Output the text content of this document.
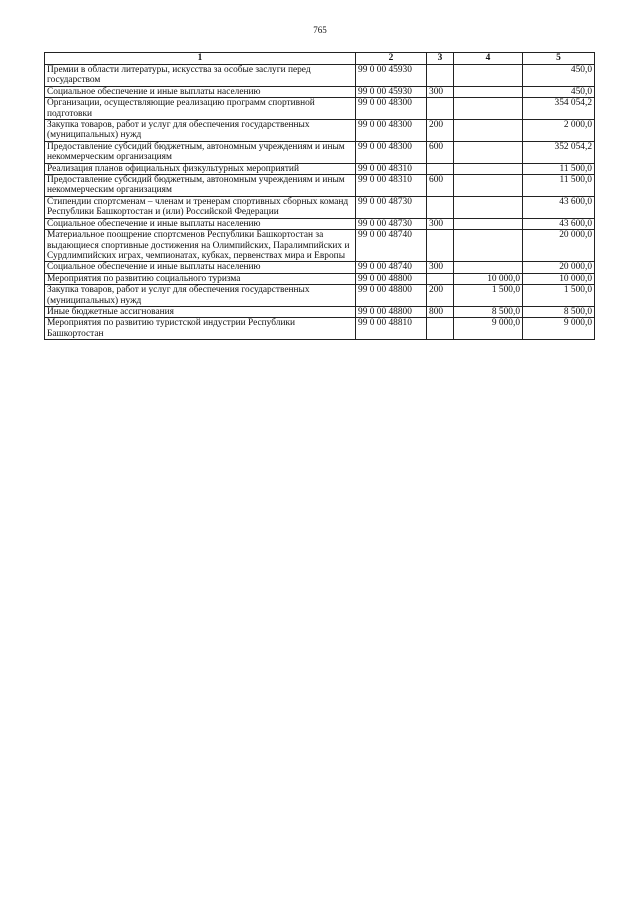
765
1	2	3	4	5
Премии в области литературы, искусства за особые заслуги перед государством	99 0 00 45930			450,0
Социальное обеспечение и иные выплаты населению	99 0 00 45930	300		450,0
Организации, осуществляющие реализацию программ спортивной подготовки	99 0 00 48300			354 054,2
Закупка товаров, работ и услуг для обеспечения государственных (муниципальных) нужд	99 0 00 48300	200		2 000,0
Предоставление субсидий бюджетным, автономным учреждениям и иным некоммерческим организациям	99 0 00 48300	600		352 054,2
Реализация планов официальных физкультурных мероприятий	99 0 00 48310			11 500,0
Предоставление субсидий бюджетным, автономным учреждениям и иным некоммерческим организациям	99 0 00 48310	600		11 500,0
Стипендии спортсменам – членам и тренерам спортивных сборных команд Республики Башкортостан и (или) Российской Федерации	99 0 00 48730			43 600,0
Социальное обеспечение и иные выплаты населению	99 0 00 48730	300		43 600,0
Материальное поощрение спортсменов Республики Башкортостан за выдающиеся спортивные достижения на Олимпийских, Паралимпийских и Сурдлимпийских играх, чемпионатах, кубках, первенствах мира и Европы	99 0 00 48740			20 000,0
Социальное обеспечение и иные выплаты населению	99 0 00 48740	300		20 000,0
Мероприятия по развитию социального туризма	99 0 00 48800		10 000,0	10 000,0
Закупка товаров, работ и услуг для обеспечения государственных (муниципальных) нужд	99 0 00 48800	200	1 500,0	1 500,0
Иные бюджетные ассигнования	99 0 00 48800	800	8 500,0	8 500,0
Мероприятия по развитию туристской индустрии Республики Башкортостан	99 0 00 48810		9 000,0	9 000,0
